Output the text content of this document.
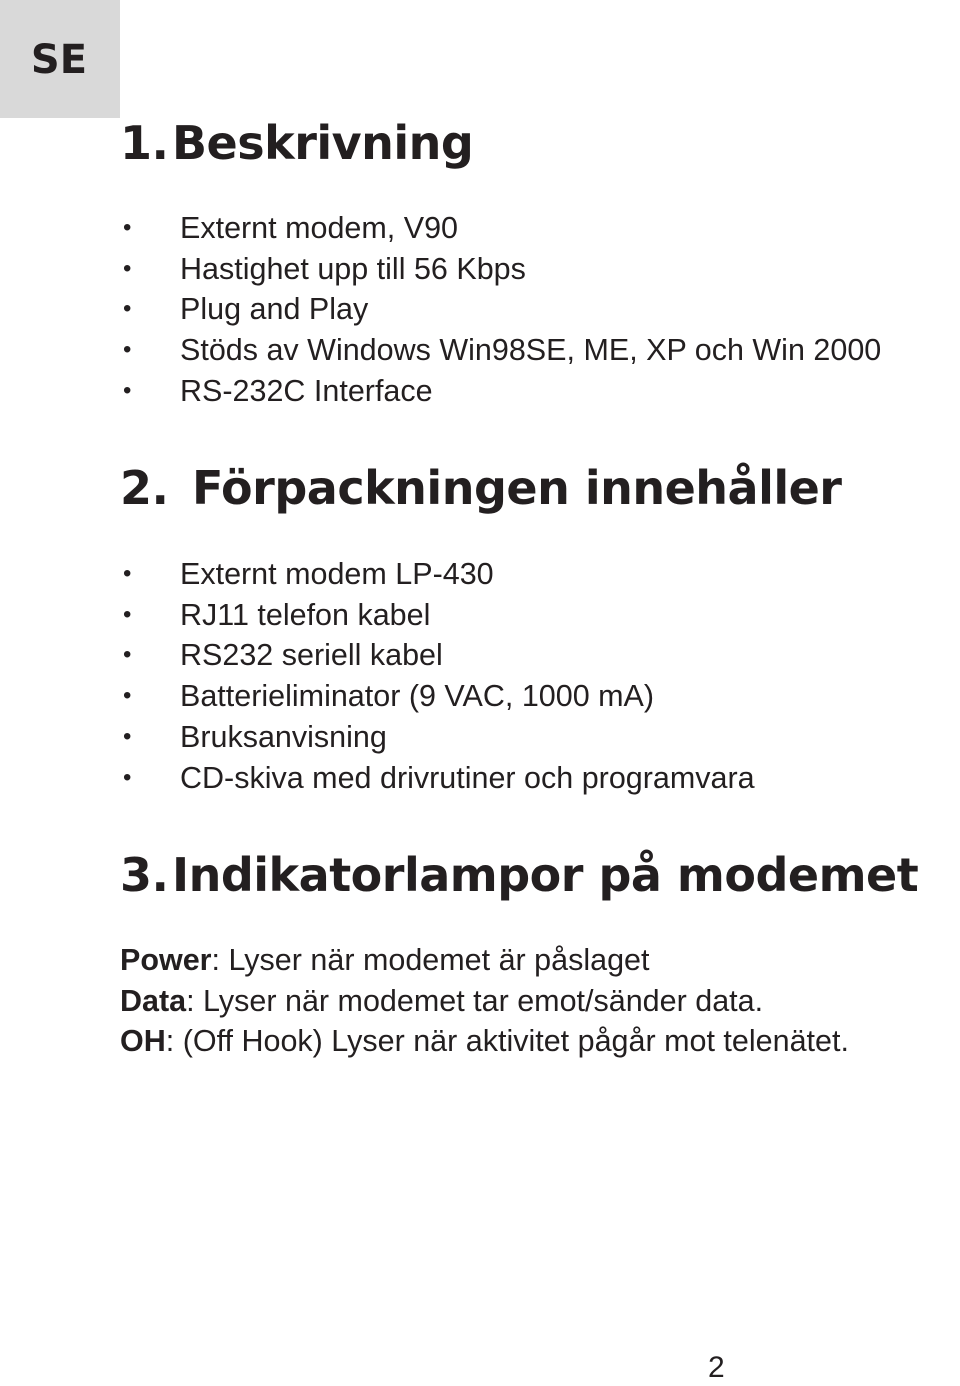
SE
1.Beskrivning
• Externt modem, V90
• Hastighet upp till 56 Kbps
• Plug and Play
• Stöds av Windows Win98SE, ME, XP och Win 2000
• RS-232C Interface
2. Förpackningen innehåller
• Externt modem LP-430
• RJ11 telefon kabel
• RS232 seriell kabel
• Batterieliminator (9 VAC, 1000 mA)
• Bruksanvisning
• CD-skiva med drivrutiner och programvara
3.Indikatorlampor på modemet
Power: Lyser när modemet är påslaget
Data: Lyser när modemet tar emot/sänder data.
OH: (Off Hook) Lyser när aktivitet pågår mot telenätet.
2
